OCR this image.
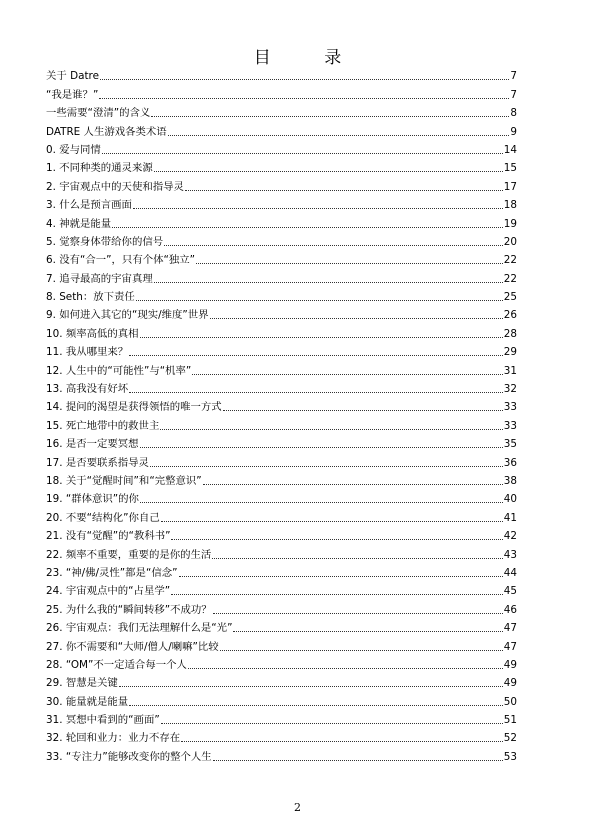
目 录
关于 Datre	7
“我是谁？”	7
一些需要“澄清”的含义	8
DATRE 人生游戏各类术语	9
0. 爱与同情	14
1. 不同种类的通灵来源	15
2. 宇宙观点中的天使和指导灵	17
3. 什么是预言画面	18
4. 神就是能量	19
5. 觉察身体带给你的信号	20
6. 没有“合一”，只有个体“独立”	22
7. 追寻最高的宇宙真理	22
8. Seth：放下责任	25
9. 如何进入其它的“现实/维度”世界	26
10. 频率高低的真相	28
11. 我从哪里来？	29
12. 人生中的“可能性”与“机率”	31
13. 高我没有好坏	32
14. 提问的渴望是获得领悟的唯一方式	33
15. 死亡地带中的救世主	33
16. 是否一定要冥想	35
17. 是否要联系指导灵	36
18. 关于“觉醒时间”和“完整意识”	38
19. “群体意识”的你	40
20. 不要“结构化”你自己	41
21. 没有“觉醒”的“教科书”	42
22. 频率不重要，重要的是你的生活	43
23. “神/佛/灵性”都是“信念”	44
24. 宇宙观点中的“占星学”	45
25. 为什么我的“瞬间转移”不成功？	46
26. 宇宙观点：我们无法理解什么是“光”	47
27. 你不需要和“大师/僧人/喇嘛”比较	47
28. “OM”不一定适合每一个人	49
29. 智慧是关键	49
30. 能量就是能量	50
31. 冥想中看到的“画面”	51
32. 轮回和业力：业力不存在	52
33. “专注力”能够改变你的整个人生	53
2
